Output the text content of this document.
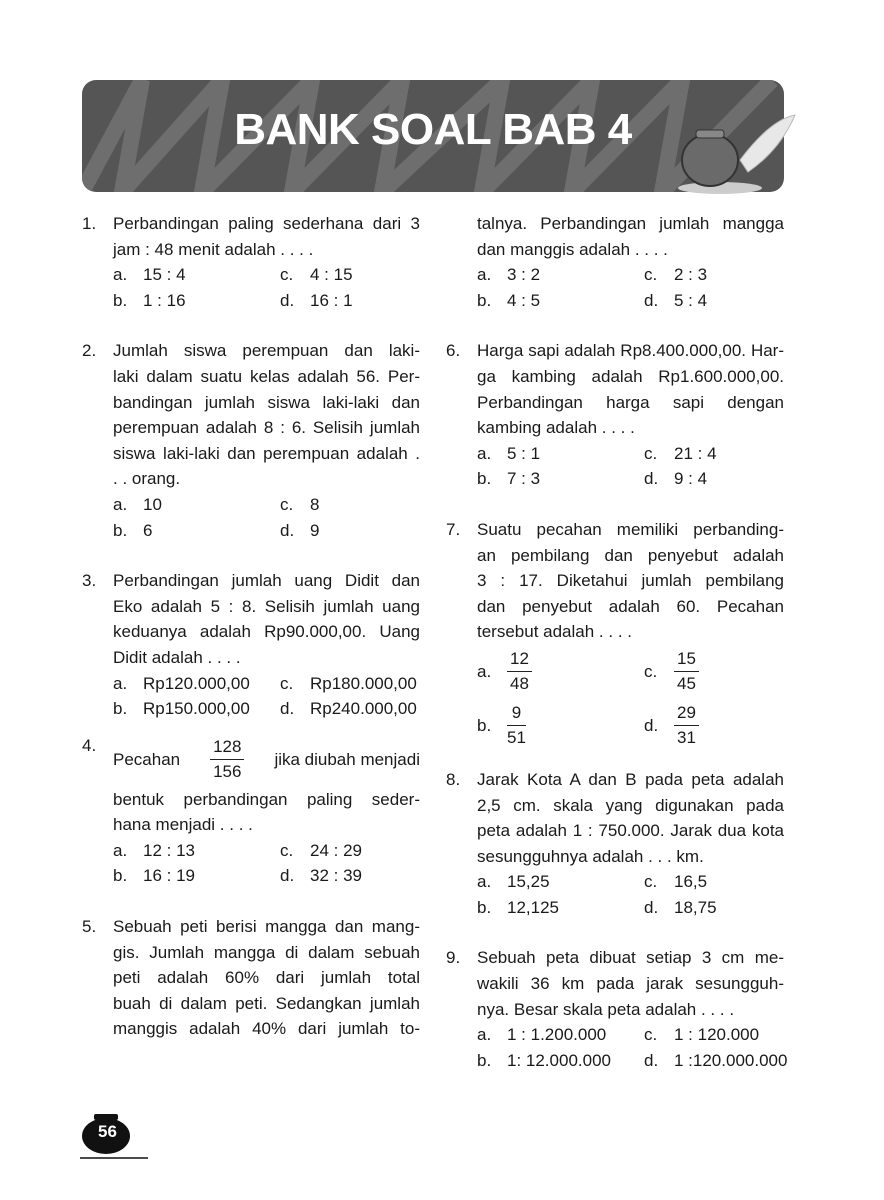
BANK SOAL BAB 4
1. Perbandingan paling sederhana dari 3
jam : 48 menit adalah . . . .
a. 15 : 4	c. 4 : 15
b. 1 : 16	d. 16 : 1
2. Jumlah siswa perempuan dan laki-
laki dalam suatu kelas adalah 56. Per-
bandingan jumlah siswa laki-laki dan
perempuan adalah 8 : 6. Selisih jumlah
siswa laki-laki dan perempuan adalah .
. . orang.
a. 10	c. 8
b. 6	d. 9
3. Perbandingan jumlah uang Didit dan
Eko adalah 5 : 8. Selisih jumlah uang
keduanya adalah Rp90.000,00. Uang
Didit adalah . . . .
a. Rp120.000,00	c. Rp180.000,00
b. Rp150.000,00	d. Rp240.000,00
4.
Pecahan $\frac{128}{156}$ jika diubah menjadi
bentuk perbandingan paling seder-
hana menjadi . . . .
a. 12 : 13	c. 24 : 29
b. 16 : 19	d. 32 : 39
5. Sebuah peti berisi mangga dan mang-
gis. Jumlah mangga di dalam sebuah
peti adalah 60% dari jumlah total
buah di dalam peti. Sedangkan jumlah
manggis adalah 40% dari jumlah to-
talnya. Perbandingan jumlah mangga
dan manggis adalah . . . .
a. 3 : 2	c. 2 : 3
b. 4 : 5	d. 5 : 4
6. Harga sapi adalah Rp8.400.000,00. Har-
ga kambing adalah Rp1.600.000,00.
Perbandingan harga sapi dengan
kambing adalah . . . .
a. 5 : 1	c. 21 : 4
b. 7 : 3	d. 9 : 4
7. Suatu pecahan memiliki perbanding-
an pembilang dan penyebut adalah
3 : 17. Diketahui jumlah pembilang
dan penyebut adalah 60. Pecahan
tersebut adalah . . . .
a. $\frac{12}{48}$	c. $\frac{15}{45}$
b. $\frac{9}{51}$	d. $\frac{29}{31}$
8. Jarak Kota A dan B pada peta adalah
2,5 cm. skala yang digunakan pada
peta adalah 1 : 750.000. Jarak dua kota
sesungguhnya adalah . . . km.
a. 15,25	c. 16,5
b. 12,125	d. 18,75
9. Sebuah peta dibuat setiap 3 cm me-
wakili 36 km pada jarak sesungguh-
nya. Besar skala peta adalah . . . .
a. 1 : 1.200.000	c. 1 : 120.000
b. 1: 12.000.000	d. 1 :120.000.000
56
